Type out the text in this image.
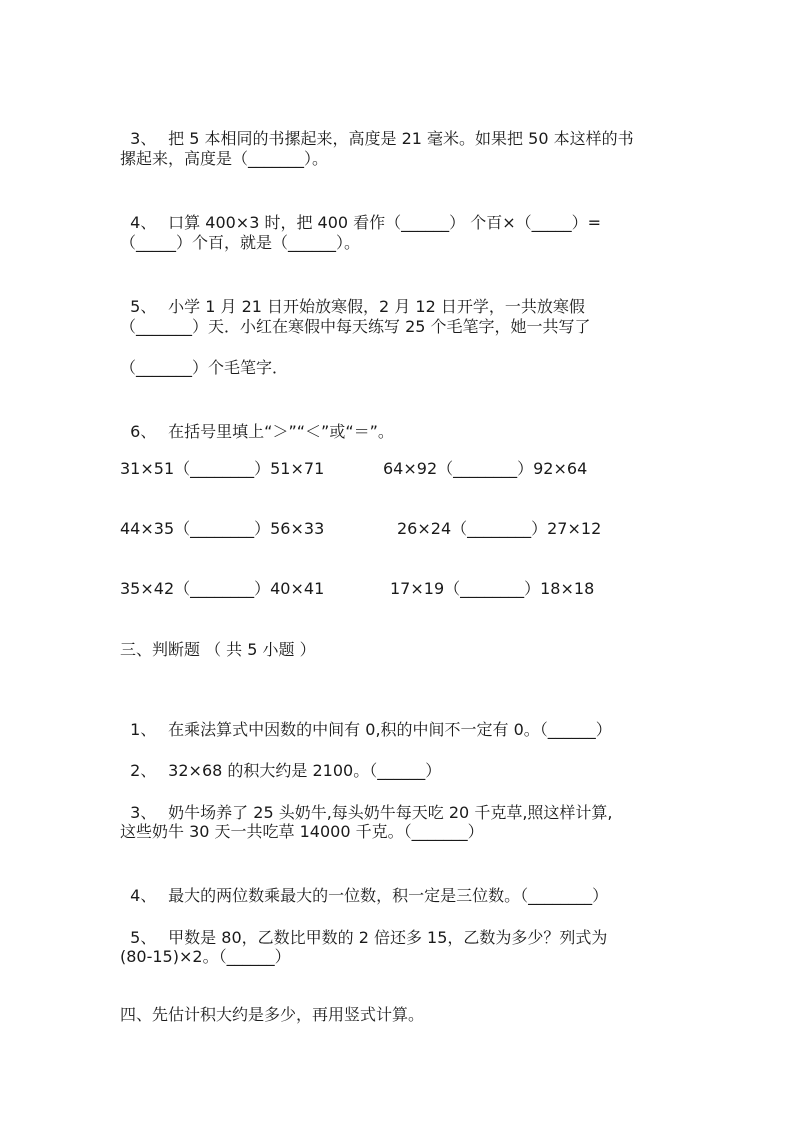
3、 把 5 本相同的书摞起来，高度是 21 毫米。如果把 50 本这样的书

摞起来，高度是（_______）。

4、 口算 400×3 时，把 400 看作（______） 个百×（_____）=

（_____）个百，就是（______）。

5、 小学 1 月 21 日开始放寒假，2 月 12 日开学，一共放寒假

（_______）天．小红在寒假中每天练写 25 个毛笔字，她一共写了
（_______）个毛笔字．

6、 在括号里填上“＞”“＜”或“＝”。

31×51（________）51×71	64×92（________）92×64
44×35（________）56×33	26×24（________）27×12
35×42（________）40×41	17×19（________）18×18
三、判断题 （ 共 5 小题 ）

1、 在乘法算式中因数的中间有 0,积的中间不一定有 0。（______）

2、 32×68 的积大约是 2100。（______）

3、 奶牛场养了 25 头奶牛,每头奶牛每天吃 20 千克草,照这样计算,

这些奶牛 30 天一共吃草 14000 千克。（_______）

4、 最大的两位数乘最大的一位数，积一定是三位数。（________）

5、 甲数是 80，乙数比甲数的 2 倍还多 15，乙数为多少？列式为

(80-15)×2。（______）
四、先估计积大约是多少，再用竖式计算。
